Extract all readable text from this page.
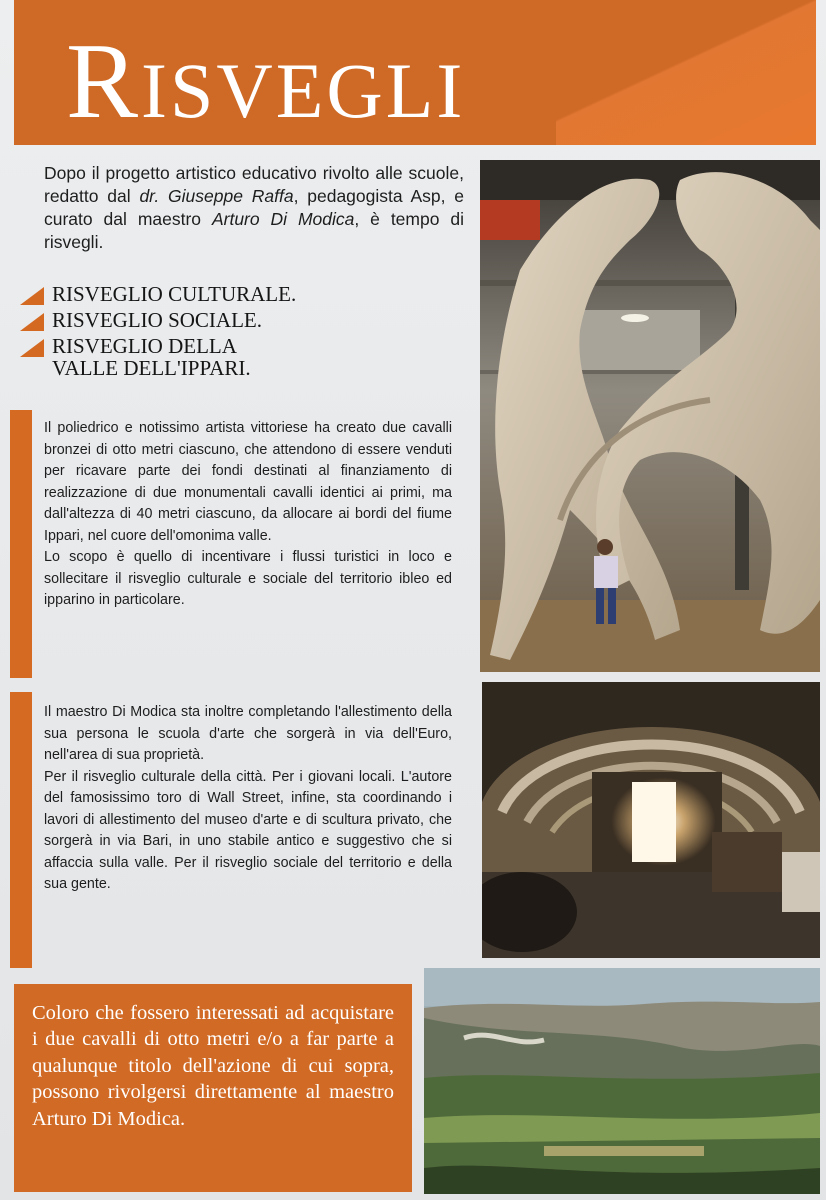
RISVEGLI
Dopo il progetto artistico educativo rivolto alle scuole, redatto dal dr. Giuseppe Raffa, pedagogista Asp, e curato dal maestro Arturo Di Modica, è tempo di risvegli.
RISVEGLIO CULTURALE.
RISVEGLIO SOCIALE.
RISVEGLIO DELLA
VALLE DELL'IPPARI.

Il poliedrico e notissimo artista vittoriese ha creato due cavalli bronzei di otto metri ciascuno, che attendono di essere venduti per ricavare parte dei fondi destinati al finanziamento di realizzazione di due monumentali cavalli identici ai primi, ma dall'altezza di 40 metri ciascuno, da allocare ai bordi del fiume Ippari, nel cuore dell'omonima valle.

Lo scopo è quello di incentivare i flussi turistici in loco e sollecitare il risveglio culturale e sociale del territorio ibleo ed ipparino in particolare.

Il maestro Di Modica sta inoltre completando l'allestimento della sua persona le scuola d'arte che sorgerà in via dell'Euro, nell'area di sua proprietà.

Per il risveglio culturale della città. Per i giovani locali. L'autore del famosissimo toro di Wall Street, infine, sta coordinando i lavori di allestimento del museo d'arte e di scultura privato, che sorgerà in via Bari, in uno stabile antico e suggestivo che si affaccia sulla valle. Per il risveglio sociale del territorio e della sua gente.

Coloro che fossero interessati ad acquistare i due cavalli di otto metri e/o a far parte a qualunque titolo dell'azione di cui sopra, possono rivolgersi direttamente al maestro Arturo Di Modica.
